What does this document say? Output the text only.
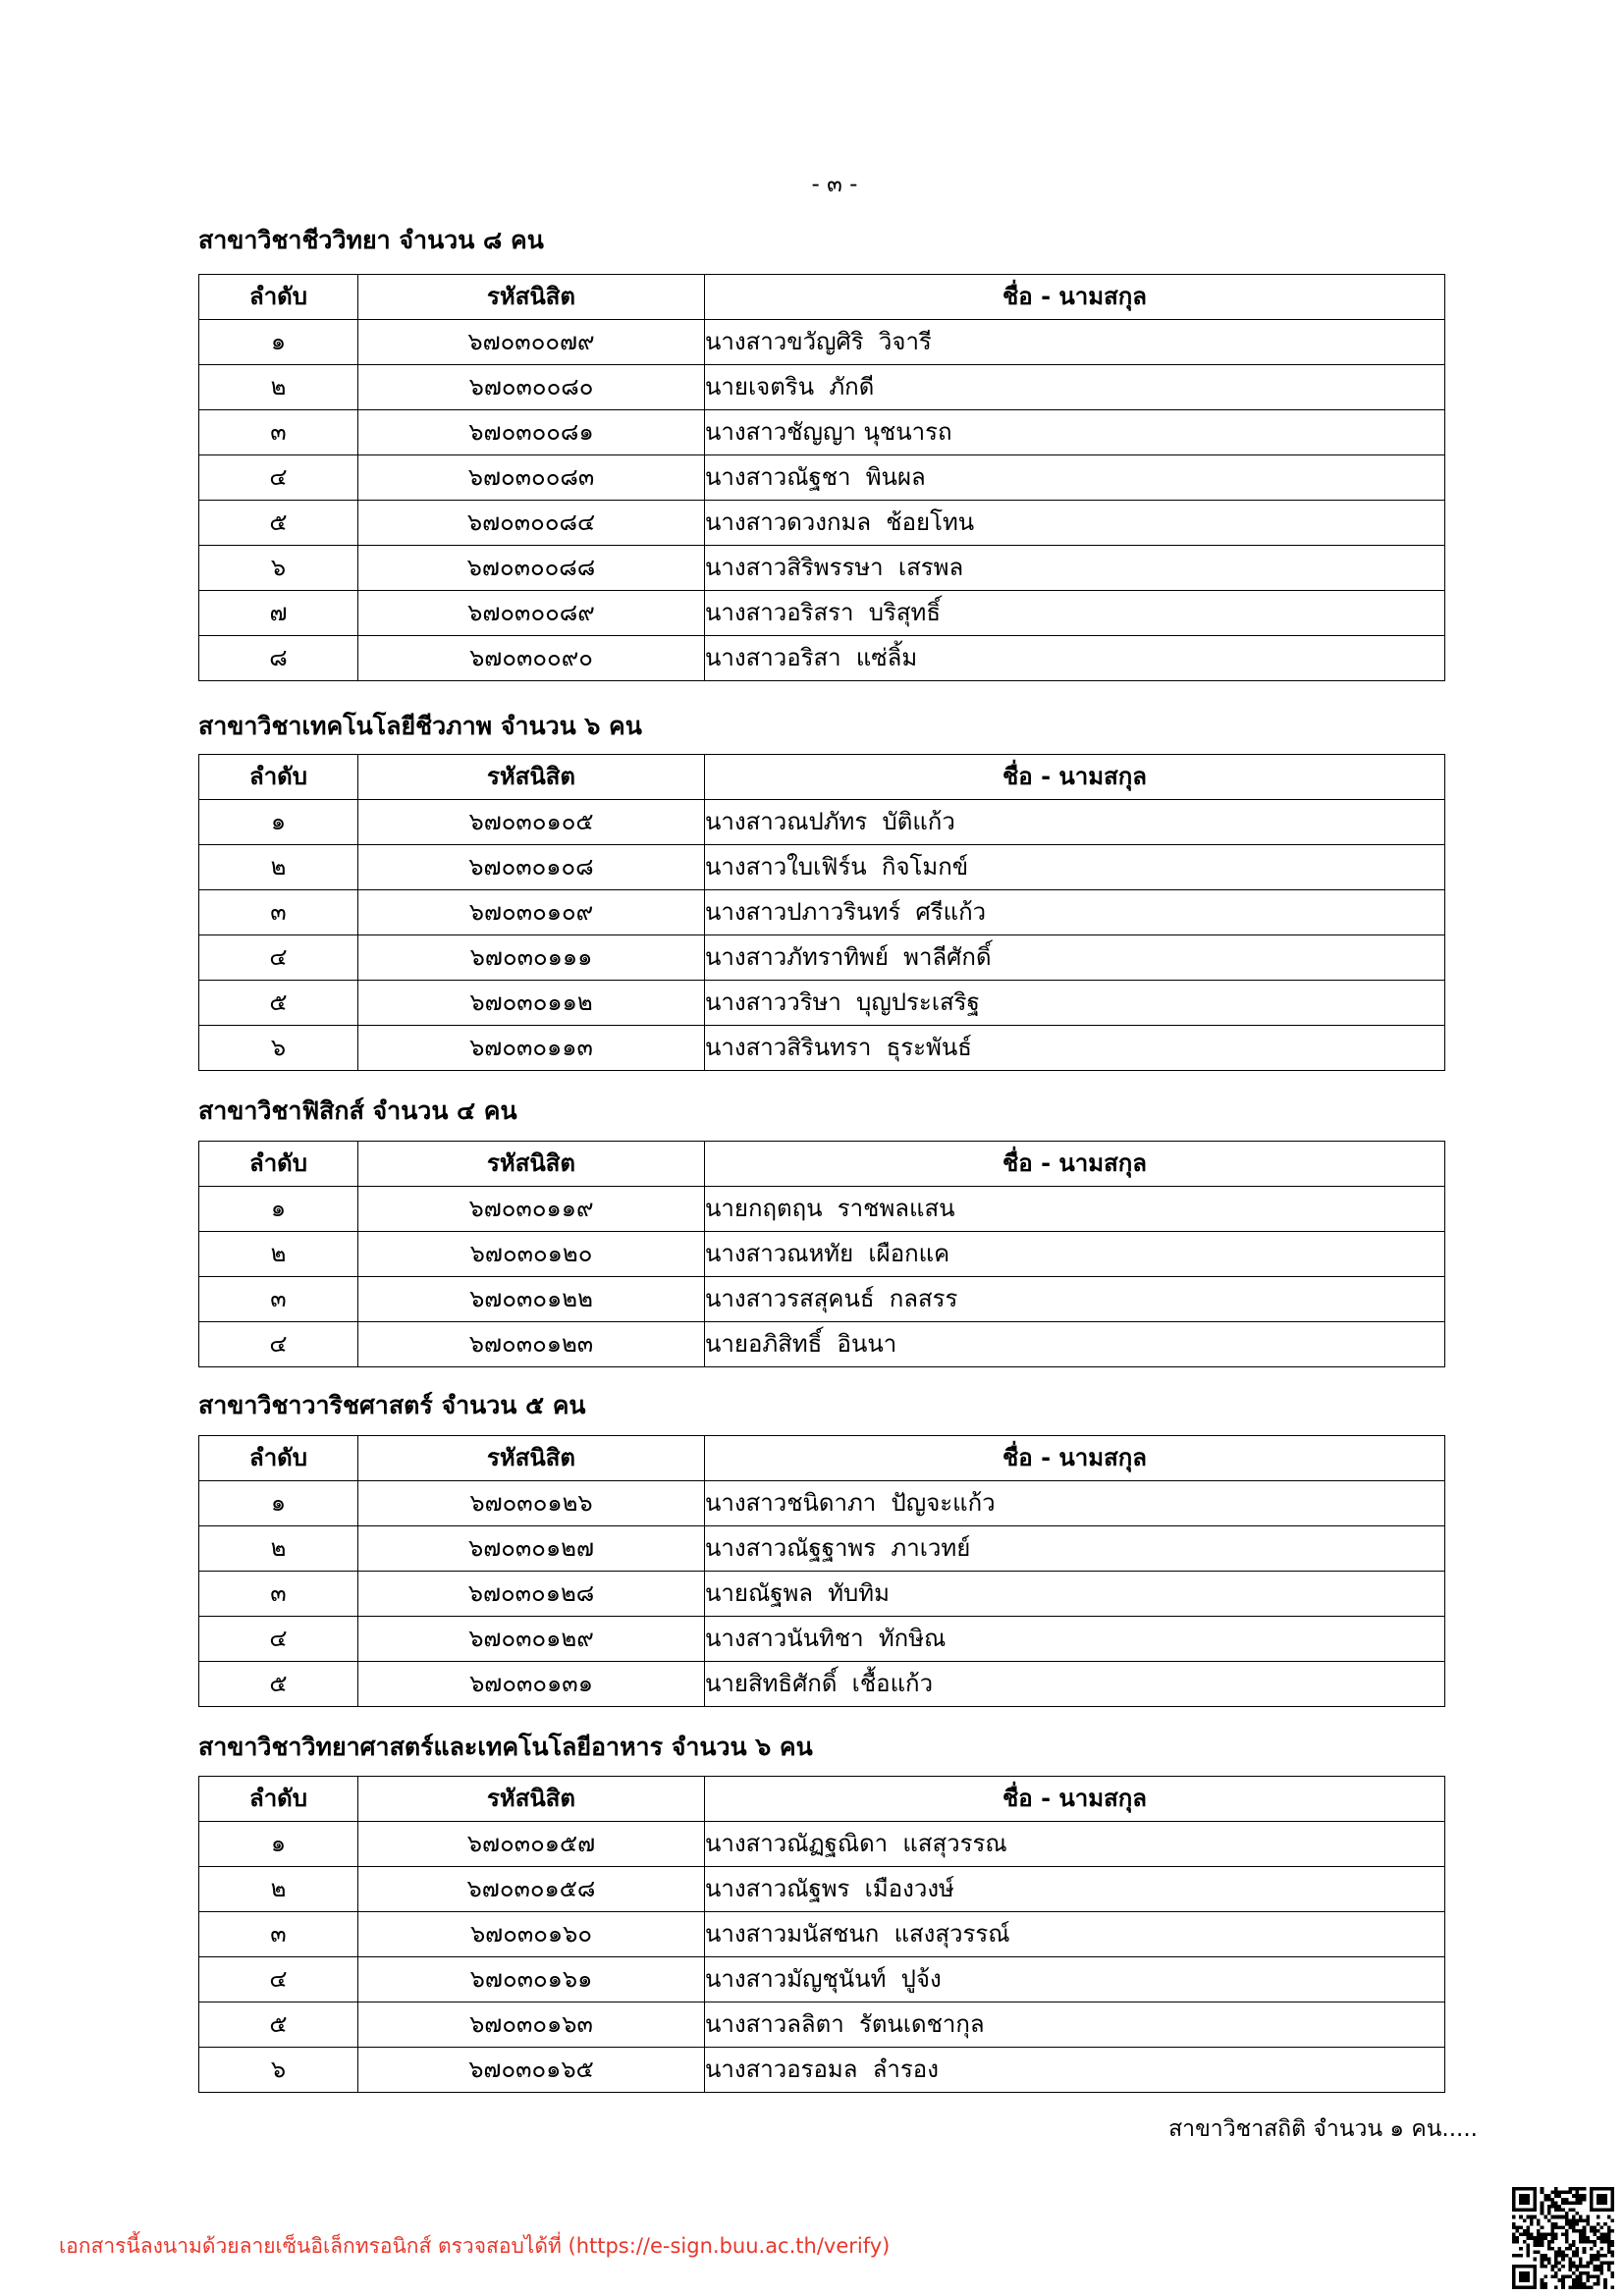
- ๓ -
สาขาวิชาชีววิทยา จำนวน ๘ คน
ลำดับ	รหัสนิสิต	ชื่อ - นามสกุล
๑	๖๗๐๓๐๐๗๙	นางสาวขวัญศิริ  วิจารี
๒	๖๗๐๓๐๐๘๐	นายเจตริน  ภักดี
๓	๖๗๐๓๐๐๘๑	นางสาวชัญญา นุชนารถ
๔	๖๗๐๓๐๐๘๓	นางสาวณัฐชา  พินผล
๕	๖๗๐๓๐๐๘๔	นางสาวดวงกมล  ช้อยโทน
๖	๖๗๐๓๐๐๘๘	นางสาวสิริพรรษา  เสรพล
๗	๖๗๐๓๐๐๘๙	นางสาวอริสรา  บริสุทธิ์
๘	๖๗๐๓๐๐๙๐	นางสาวอริสา  แซ่ลิ้ม
สาขาวิชาเทคโนโลยีชีวภาพ จำนวน ๖ คน
ลำดับ	รหัสนิสิต	ชื่อ - นามสกุล
๑	๖๗๐๓๐๑๐๕	นางสาวณปภัทร  บัติแก้ว
๒	๖๗๐๓๐๑๐๘	นางสาวใบเฟิร์น  กิจโมกข์
๓	๖๗๐๓๐๑๐๙	นางสาวปภาวรินทร์  ศรีแก้ว
๔	๖๗๐๓๐๑๑๑	นางสาวภัทราทิพย์  พาลีศักดิ์
๕	๖๗๐๓๐๑๑๒	นางสาววริษา  บุญประเสริฐ
๖	๖๗๐๓๐๑๑๓	นางสาวสิรินทรา  ธุระพันธ์
สาขาวิชาฟิสิกส์ จำนวน ๔ คน
ลำดับ	รหัสนิสิต	ชื่อ - นามสกุล
๑	๖๗๐๓๐๑๑๙	นายกฤตฤน  ราชพลแสน
๒	๖๗๐๓๐๑๒๐	นางสาวณหทัย  เผือกแค
๓	๖๗๐๓๐๑๒๒	นางสาวรสสุคนธ์  กลสรร
๔	๖๗๐๓๐๑๒๓	นายอภิสิทธิ์  อินนา
สาขาวิชาวาริชศาสตร์ จำนวน ๕ คน
ลำดับ	รหัสนิสิต	ชื่อ - นามสกุล
๑	๖๗๐๓๐๑๒๖	นางสาวชนิดาภา  ปัญจะแก้ว
๒	๖๗๐๓๐๑๒๗	นางสาวณัฐฐาพร  ภาเวทย์
๓	๖๗๐๓๐๑๒๘	นายณัฐพล  ทับทิม
๔	๖๗๐๓๐๑๒๙	นางสาวนันทิชา  ทักษิณ
๕	๖๗๐๓๐๑๓๑	นายสิทธิศักดิ์  เชื้อแก้ว
สาขาวิชาวิทยาศาสตร์และเทคโนโลยีอาหาร จำนวน ๖ คน
ลำดับ	รหัสนิสิต	ชื่อ - นามสกุล
๑	๖๗๐๓๐๑๕๗	นางสาวณัฏฐณิดา  แสสุวรรณ
๒	๖๗๐๓๐๑๕๘	นางสาวณัฐพร  เมืองวงษ์
๓	๖๗๐๓๐๑๖๐	นางสาวมนัสชนก  แสงสุวรรณ์
๔	๖๗๐๓๐๑๖๑	นางสาวมัญชุนันท์  ปูจ้ง
๕	๖๗๐๓๐๑๖๓	นางสาวลลิตา  รัตนเดชากุล
๖	๖๗๐๓๐๑๖๕	นางสาวอรอมล  ลำรอง
สาขาวิชาสถิติ จำนวน ๑ คน.....
เอกสารนี้ลงนามด้วยลายเซ็นอิเล็กทรอนิกส์ ตรวจสอบได้ที่ (https://e-sign.buu.ac.th/verify)
